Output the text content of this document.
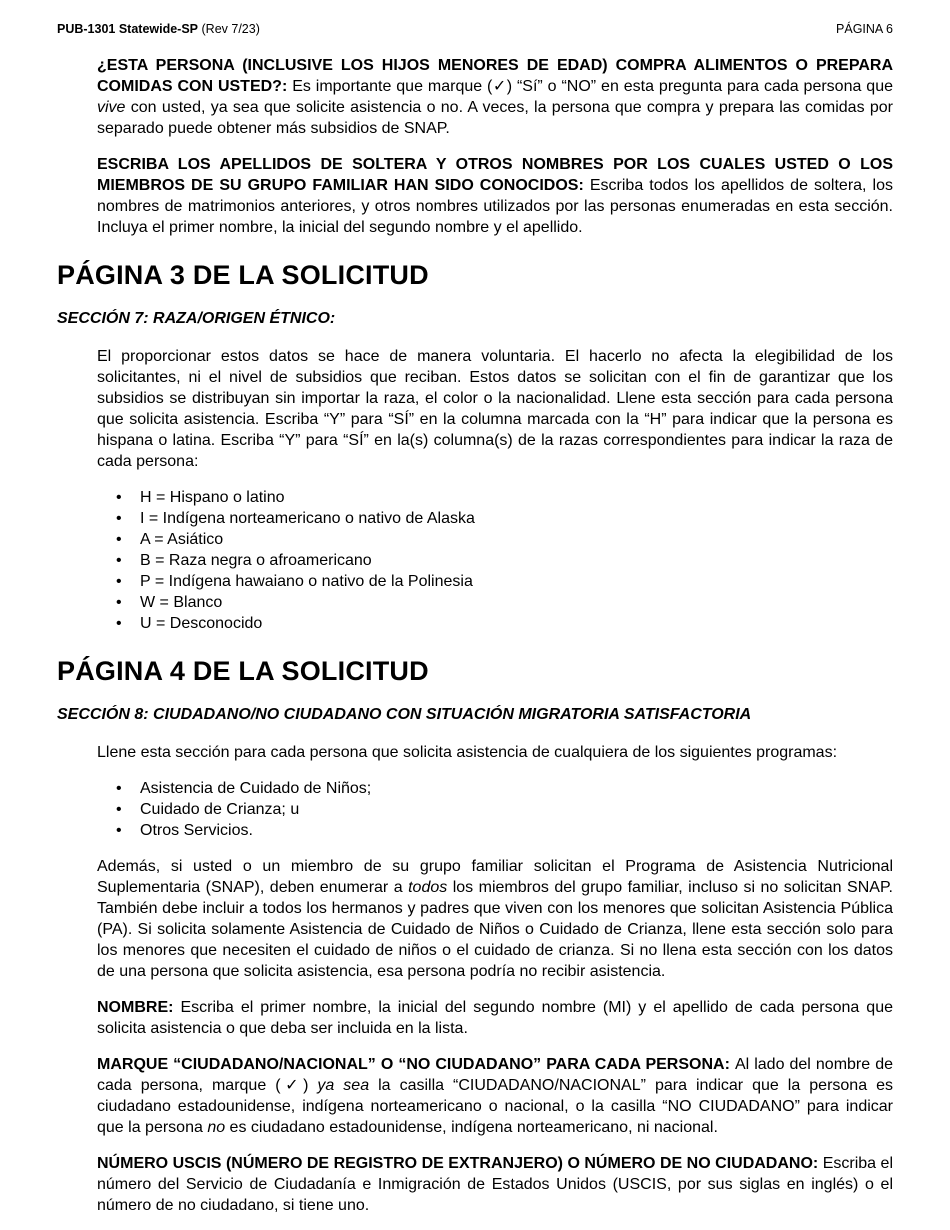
PUB-1301 Statewide-SP (Rev 7/23)	PÁGINA 6

¿ESTA PERSONA (INCLUSIVE LOS HIJOS MENORES DE EDAD) COMPRA ALIMENTOS O PREPARA COMIDAS CON USTED?: Es importante que marque (✓) “Sí” o “NO” en esta pregunta para cada persona que vive con usted, ya sea que solicite asistencia o no. A veces, la persona que compra y prepara las comidas por separado puede obtener más subsidios de SNAP.

ESCRIBA LOS APELLIDOS DE SOLTERA Y OTROS NOMBRES POR LOS CUALES USTED O LOS MIEMBROS DE SU GRUPO FAMILIAR HAN SIDO CONOCIDOS: Escriba todos los apellidos de soltera, los nombres de matrimonios anteriores, y otros nombres utilizados por las personas enumeradas en esta sección. Incluya el primer nombre, la inicial del segundo nombre y el apellido.

PÁGINA 3 DE LA SOLICITUD
SECCIÓN 7: RAZA/ORIGEN ÉTNICO:

El proporcionar estos datos se hace de manera voluntaria. El hacerlo no afecta la elegibilidad de los solicitantes, ni el nivel de subsidios que reciban. Estos datos se solicitan con el fin de garantizar que los subsidios se distribuyan sin importar la raza, el color o la nacionalidad. Llene esta sección para cada persona que solicita asistencia. Escriba “Y” para “SÍ” en la columna marcada con la “H” para indicar que la persona es hispana o latina. Escriba “Y” para “SÍ” en la(s) columna(s) de la razas correspondientes para indicar la raza de cada persona:

• H = Hispano o latino
• I = Indígena norteamericano o nativo de Alaska
• A = Asiático
• B = Raza negra o afroamericano
• P = Indígena hawaiano o nativo de la Polinesia
• W = Blanco
• U = Desconocido
PÁGINA 4 DE LA SOLICITUD
SECCIÓN 8: CIUDADANO/NO CIUDADANO CON SITUACIÓN MIGRATORIA SATISFACTORIA

Llene esta sección para cada persona que solicita asistencia de cualquiera de los siguientes programas:

• Asistencia de Cuidado de Niños;
• Cuidado de Crianza; u
• Otros Servicios.

Además, si usted o un miembro de su grupo familiar solicitan el Programa de Asistencia Nutricional Suplementaria (SNAP), deben enumerar a todos los miembros del grupo familiar, incluso si no solicitan SNAP. También debe incluir a todos los hermanos y padres que viven con los menores que solicitan Asistencia Pública (PA). Si solicita solamente Asistencia de Cuidado de Niños o Cuidado de Crianza, llene esta sección solo para los menores que necesiten el cuidado de niños o el cuidado de crianza. Si no llena esta sección con los datos de una persona que solicita asistencia, esa persona podría no recibir asistencia.

NOMBRE: Escriba el primer nombre, la inicial del segundo nombre (MI) y el apellido de cada persona que solicita asistencia o que deba ser incluida en la lista.

MARQUE “CIUDADANO/NACIONAL” O “NO CIUDADANO” PARA CADA PERSONA: Al lado del nombre de cada persona, marque (✓) ya sea la casilla “CIUDADANO/NACIONAL” para indicar que la persona es ciudadano estadounidense, indígena norteamericano o nacional, o la casilla “NO CIUDADANO” para indicar que la persona no es ciudadano estadounidense, indígena norteamericano, ni nacional.

NÚMERO USCIS (NÚMERO DE REGISTRO DE EXTRANJERO) O NÚMERO DE NO CIUDADANO: Escriba el número del Servicio de Ciudadanía e Inmigración de Estados Unidos (USCIS, por sus siglas en inglés) o el número de no ciudadano, si tiene uno.
